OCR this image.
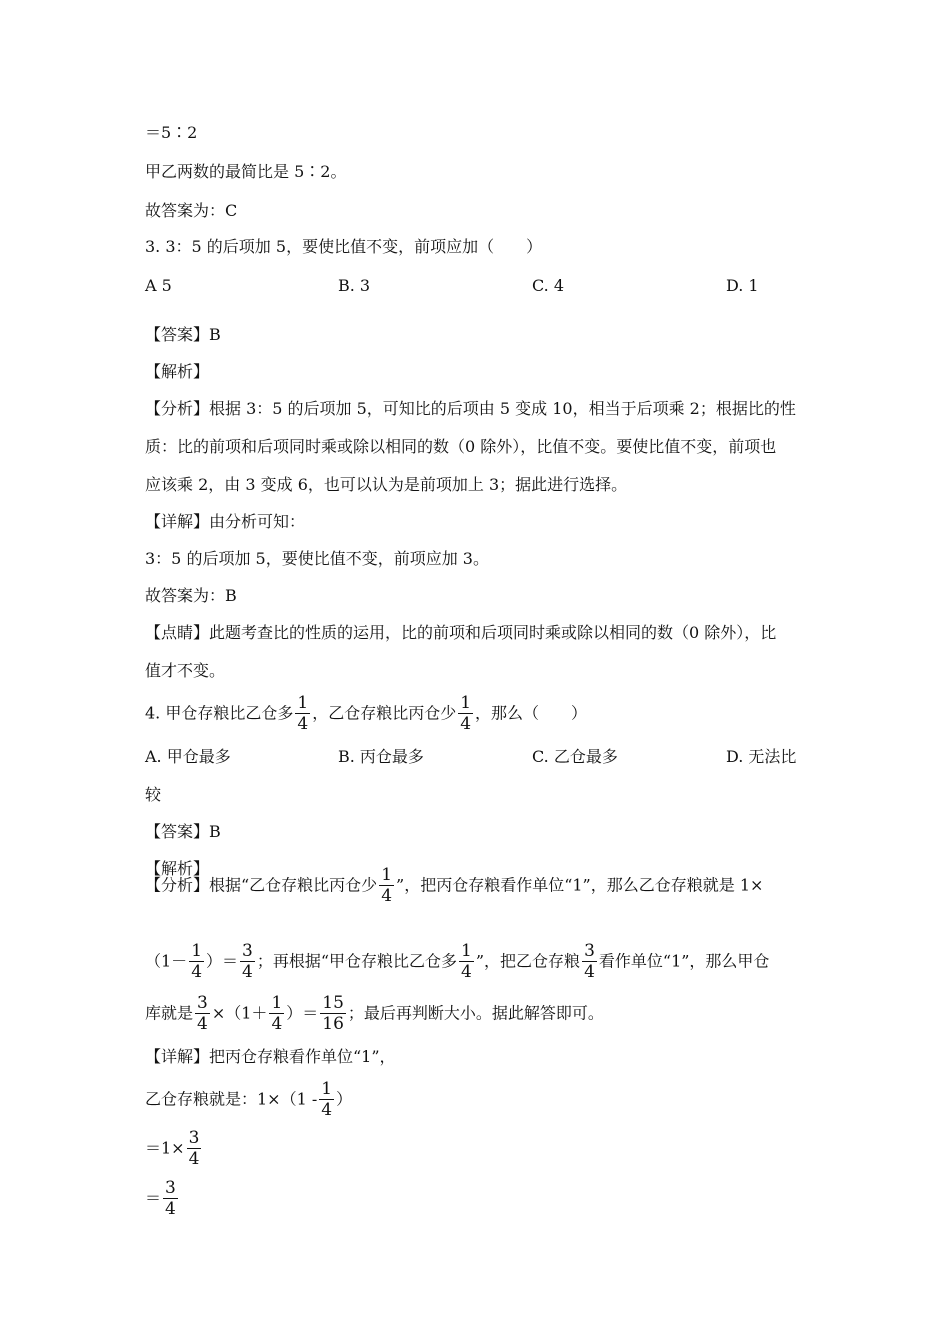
＝5∶2
甲乙两数的最简比是 5∶2。
故答案为：C
3. 3：5 的后项加 5，要使比值不变，前项应加（　　）
A 5	B. 3	C. 4	D. 1
【答案】B
【解析】
【分析】根据 3：5 的后项加 5，可知比的后项由 5 变成 10，相当于后项乘 2；根据比的性
质：比的前项和后项同时乘或除以相同的数（0 除外），比值不变。要使比值不变，前项也
应该乘 2，由 3 变成 6，也可以认为是前项加上 3；据此进行选择。
【详解】由分析可知：
3：5 的后项加 5，要使比值不变，前项应加 3。
故答案为：B
【点睛】此题考查比的性质的运用，比的前项和后项同时乘或除以相同的数（0 除外），比
值才不变。
4. 甲仓存粮比乙仓多 $\frac{1}{4}$ ，乙仓存粮比丙仓少 $\frac{1}{4}$ ，那么（　　）
A. 甲仓最多	B. 丙仓最多	C. 乙仓最多	D. 无法比
较
【答案】B
【解析】
【分析】根据“乙仓存粮比丙仓少 $\frac{1}{4}$ ”，把丙仓存粮看作单位“1”，那么乙仓存粮就是 1×
（$1- \frac{1}{4}$ ）＝ $\frac{3}{4}$ ；再根据“甲仓存粮比乙仓多 $\frac{1}{4}$ ”，把乙仓存粮 $\frac{3}{4}$ 看作单位“1”，那么甲仓
库就是 $\frac{3}{4} \times(1+ \frac{1}{4}$ ）＝ $\frac{15}{16}$ ；最后再判断大小。据此解答即可。
【详解】把丙仓存粮看作单位“1”，
乙仓存粮就是：$1\times(1 - \frac{1}{4}$ ）
$=1\times \frac{3}{4}$
＝ $\frac{3}{4}$
